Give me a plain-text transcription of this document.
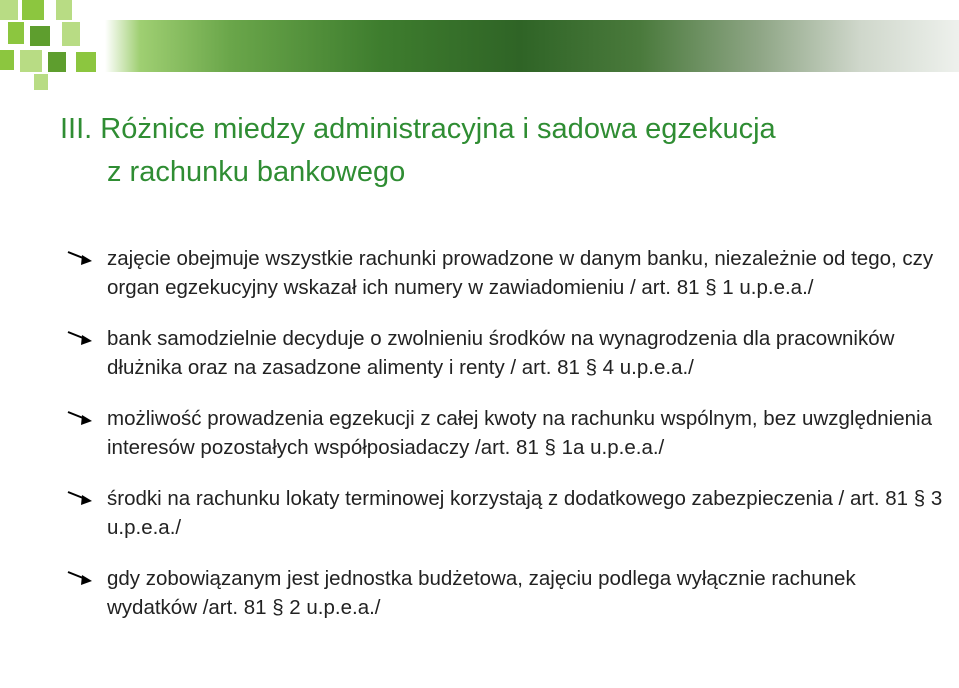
III. Różnice miedzy administracyjna i sadowa egzekucja
z rachunku bankowego
zajęcie obejmuje wszystkie rachunki prowadzone w danym banku, niezależnie od tego, czy organ egzekucyjny wskazał ich numery w zawiadomieniu / art. 81 § 1 u.p.e.a./
bank samodzielnie decyduje o zwolnieniu środków na wynagrodzenia dla pracowników dłużnika oraz na zasadzone alimenty i renty / art. 81 § 4 u.p.e.a./
możliwość prowadzenia egzekucji z całej kwoty na rachunku wspólnym, bez uwzględnienia interesów pozostałych współposiadaczy /art. 81 § 1a u.p.e.a./
środki na rachunku lokaty terminowej korzystają z dodatkowego zabezpieczenia / art. 81 § 3 u.p.e.a./
gdy zobowiązanym jest jednostka budżetowa, zajęciu podlega wyłącznie rachunek wydatków /art. 81 § 2 u.p.e.a./
